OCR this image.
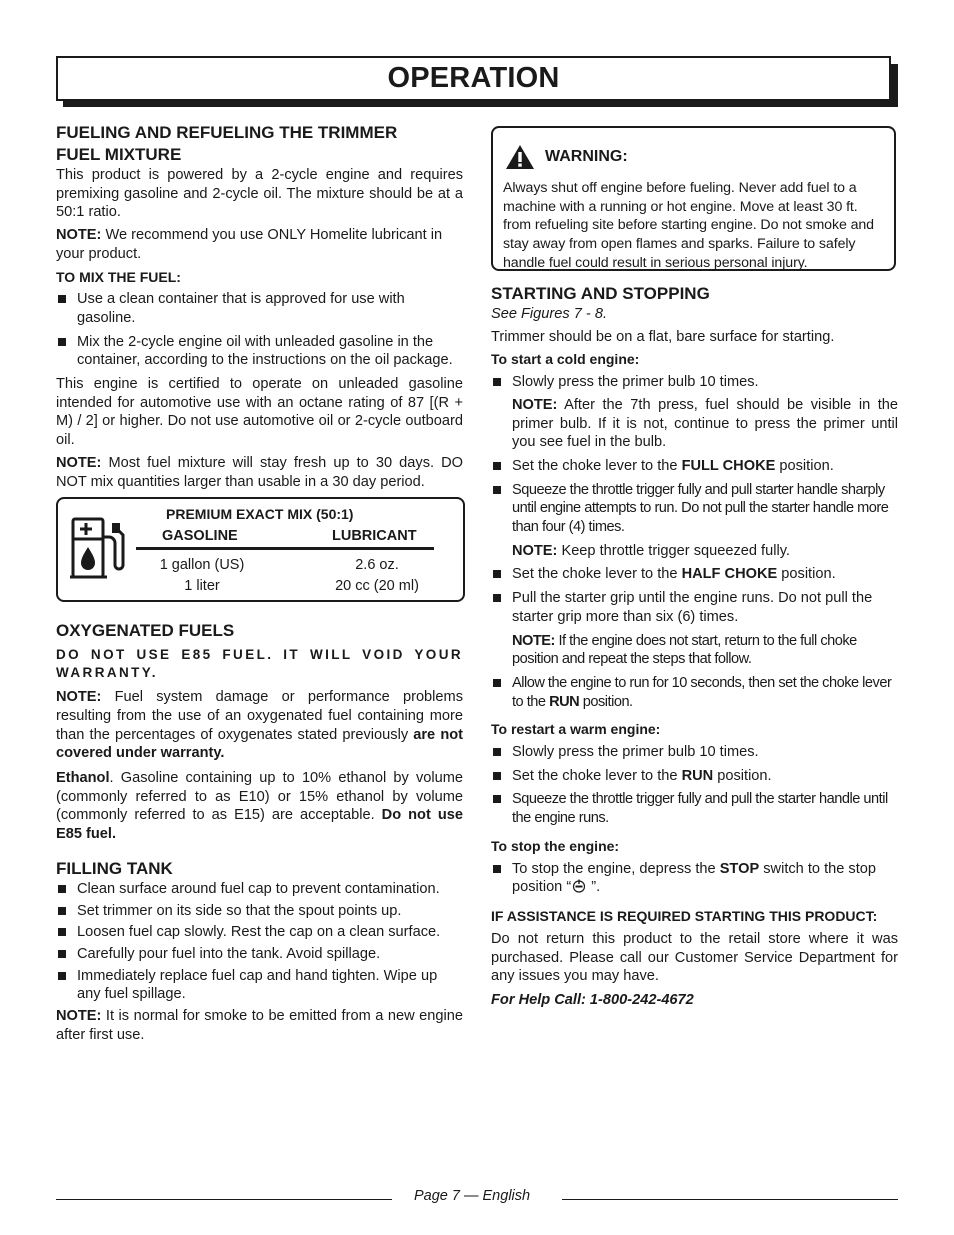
OPERATION
FUELING AND REFUELING THE TRIMMER
FUEL MIXTURE

This product is powered by a 2-cycle engine and requires premixing gasoline and 2-cycle oil. The mixture should be at a 50:1 ratio.

NOTE: We recommend you use ONLY Homelite lubricant in your product.

TO MIX THE FUEL:
Use a clean container that is approved for use with gasoline.
Mix the 2-cycle engine oil with unleaded gasoline in the container, according to the instructions on the oil package.

This engine is certified to operate on unleaded gasoline intended for automotive use with an octane rating of 87 [(R + M) / 2] or higher. Do not use automotive oil or 2-cycle outboard oil.

NOTE: Most fuel mixture will stay fresh up to 30 days. DO NOT mix quantities larger than usable in a 30 day period.

PREMIUM EXACT MIX (50:1)
GASOLINE	LUBRICANT
1 gallon (US)	2.6 oz.
1 liter	20 cc (20 ml)
OXYGENATED FUELS
DO NOT USE E85 FUEL. IT WILL VOID YOUR WARRANTY.

NOTE: Fuel system damage or performance problems resulting from the use of an oxygenated fuel containing more than the percentages of oxygenates stated previously are not covered under warranty.

Ethanol. Gasoline containing up to 10% ethanol by volume (commonly referred to as E10) or 15% ethanol by volume (commonly referred to as E15) are acceptable. Do not use E85 fuel.

FILLING TANK
Clean surface around fuel cap to prevent contamination.
Set trimmer on its side so that the spout points up.
Loosen fuel cap slowly. Rest the cap on a clean surface.
Carefully pour fuel into the tank. Avoid spillage.
Immediately replace fuel cap and hand tighten. Wipe up any fuel spillage.

NOTE: It is normal for smoke to be emitted from a new engine after first use.

WARNING:
Always shut off engine before fueling. Never add fuel to a machine with a running or hot engine. Move at least 30 ft. from refueling site before starting engine. Do not smoke and stay away from open flames and sparks. Failure to safely handle fuel could result in serious personal injury.
STARTING AND STOPPING

See Figures 7 - 8.

Trimmer should be on a flat, bare surface for starting.

To start a cold engine:
Slowly press the primer bulb 10 times.

NOTE: After the 7th press, fuel should be visible in the primer bulb. If it is not, continue to press the primer until you see fuel in the bulb.

Set the choke lever to the FULL CHOKE position.
Squeeze the throttle trigger fully and pull starter handle sharply until engine attempts to run. Do not pull the starter handle more than four (4) times.

NOTE: Keep throttle trigger squeezed fully.

Set the choke lever to the HALF CHOKE position.
Pull the starter grip until the engine runs. Do not pull the starter grip more than six (6) times.

NOTE: If the engine does not start, return to the full choke position and repeat the steps that follow.

Allow the engine to run for 10 seconds, then set the choke lever to the RUN position.
To restart a warm engine:
Slowly press the primer bulb 10 times.
Set the choke lever to the RUN position.
Squeeze the throttle trigger fully and pull the starter handle until the engine runs.
To stop the engine:
To stop the engine, depress the STOP switch to the stop position “ ”.
IF ASSISTANCE IS REQUIRED STARTING THIS PRODUCT:

Do not return this product to the retail store where it was purchased. Please call our Customer Service Department for any issues you may have.

For Help Call: 1-800-242-4672

Page 7 — English
